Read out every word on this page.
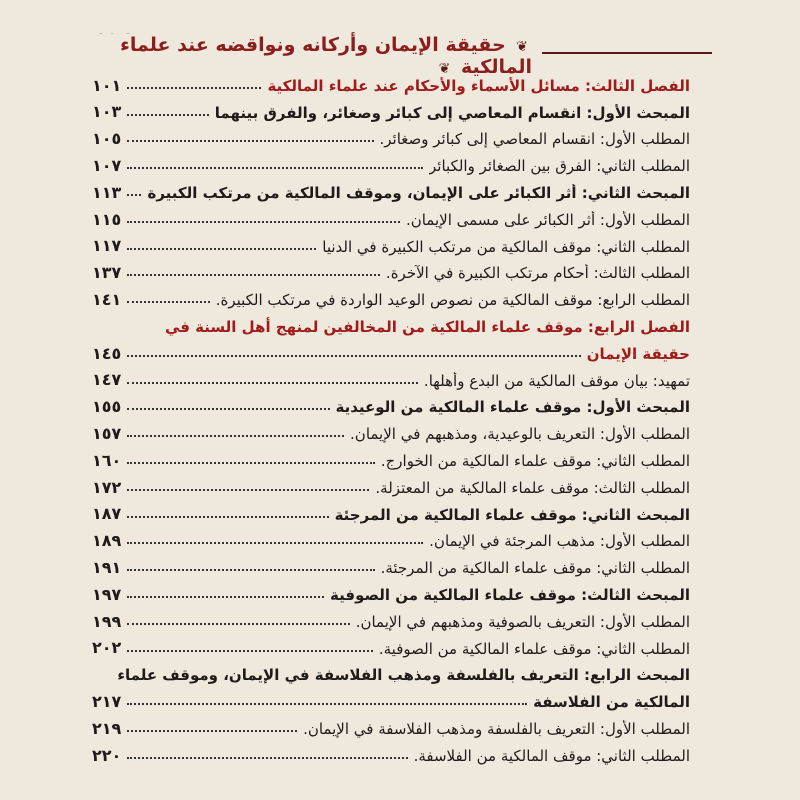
❦ حقيقة الإيمان وأركانه ونواقضه عند علماء المالكية ❦
الفصل الثالث: مسائل الأسماء والأحكام عند علماء المالكية
١٠١
المبحث الأول: انقسام المعاصي إلى كبائر وصغائر، والفرق بينهما
١٠٣
المطلب الأول: انقسام المعاصي إلى كبائر وصغائر.
١٠٥
المطلب الثاني: الفرق بين الصغائر والكبائر
١٠٧
المبحث الثاني: أثر الكبائر على الإيمان، وموقف المالكية من مرتكب الكبيرة
١١٣
المطلب الأول: أثر الكبائر على مسمى الإيمان.
١١٥
المطلب الثاني: موقف المالكية من مرتكب الكبيرة في الدنيا
١١٧
المطلب الثالث: أحكام مرتكب الكبيرة في الآخرة.
١٣٧
المطلب الرابع: موقف المالكية من نصوص الوعيد الواردة في مرتكب الكبيرة.
١٤١
الفصل الرابع: موقف علماء المالكية من المخالفين لمنهج أهل السنة في
حقيقة الإيمان
١٤٥
تمهيد: بيان موقف المالكية من البدع وأهلها.
١٤٧
المبحث الأول: موقف علماء المالكية من الوعيدية
١٥٥
المطلب الأول: التعريف بالوعيدية، ومذهبهم في الإيمان.
١٥٧
المطلب الثاني: موقف علماء المالكية من الخوارج.
١٦٠
المطلب الثالث: موقف علماء المالكية من المعتزلة.
١٧٢
المبحث الثاني: موقف علماء المالكية من المرجئة
١٨٧
المطلب الأول: مذهب المرجئة في الإيمان.
١٨٩
المطلب الثاني: موقف علماء المالكية من المرجئة.
١٩١
المبحث الثالث: موقف علماء المالكية من الصوفية
١٩٧
المطلب الأول: التعريف بالصوفية ومذهبهم في الإيمان.
١٩٩
المطلب الثاني: موقف علماء المالكية من الصوفية.
٢٠٢
المبحث الرابع: التعريف بالفلسفة ومذهب الفلاسفة في الإيمان، وموقف علماء
المالكية من الفلاسفة
٢١٧
المطلب الأول: التعريف بالفلسفة ومذهب الفلاسفة في الإيمان.
٢١٩
المطلب الثاني: موقف المالكية من الفلاسفة.
٢٢٠
